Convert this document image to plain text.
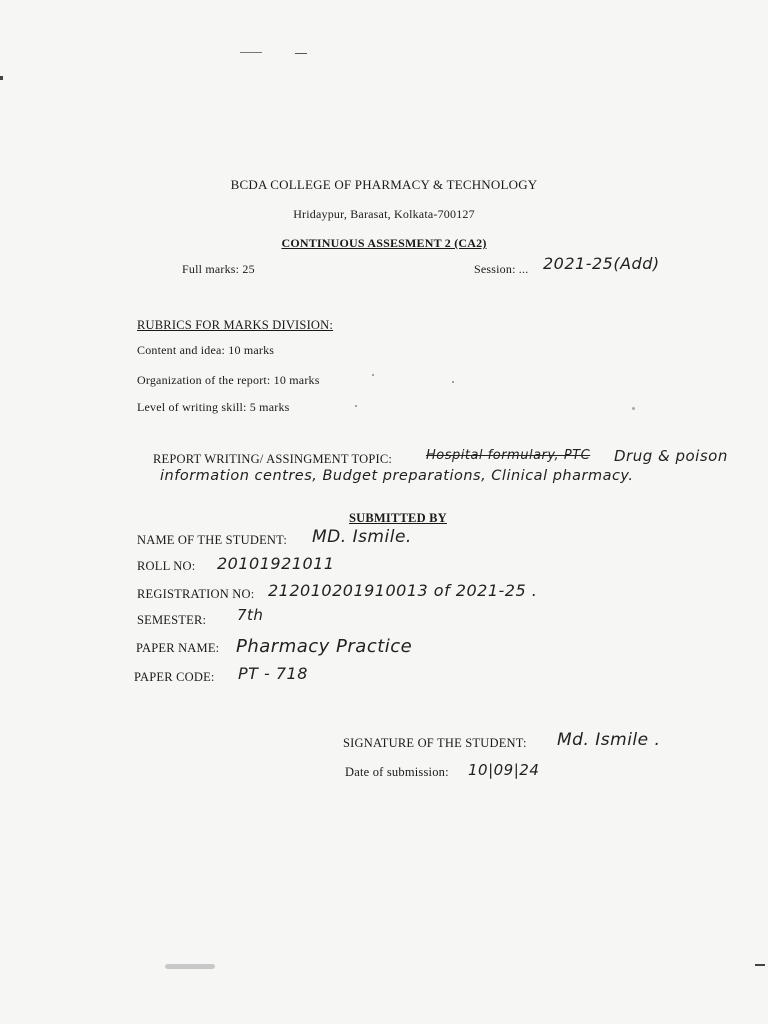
BCDA COLLEGE OF PHARMACY & TECHNOLOGY
Hridaypur, Barasat, Kolkata-700127
CONTINUOUS ASSESMENT 2 (CA2)
Full marks: 25	Session: ... 2021-25(Add)
RUBRICS FOR MARKS DIVISION:
Content and idea: 10 marks
Organization of the report: 10 marks
Level of writing skill: 5 marks
REPORT WRITING/ ASSINGMENT TOPIC:	Hospital formulary, PTC Drug & poison
information centres, Budget preparations, Clinical pharmacy.
SUBMITTED BY
NAME OF THE STUDENT: MD. Ismile.
ROLL NO: 20101921011
REGISTRATION NO: 212010201910013 of 2021-25 .
SEMESTER: 7th
PAPER NAME: Pharmacy Practice
PAPER CODE: PT - 718
SIGNATURE OF THE STUDENT: Md. Ismile .
Date of submission: 10|09|24
